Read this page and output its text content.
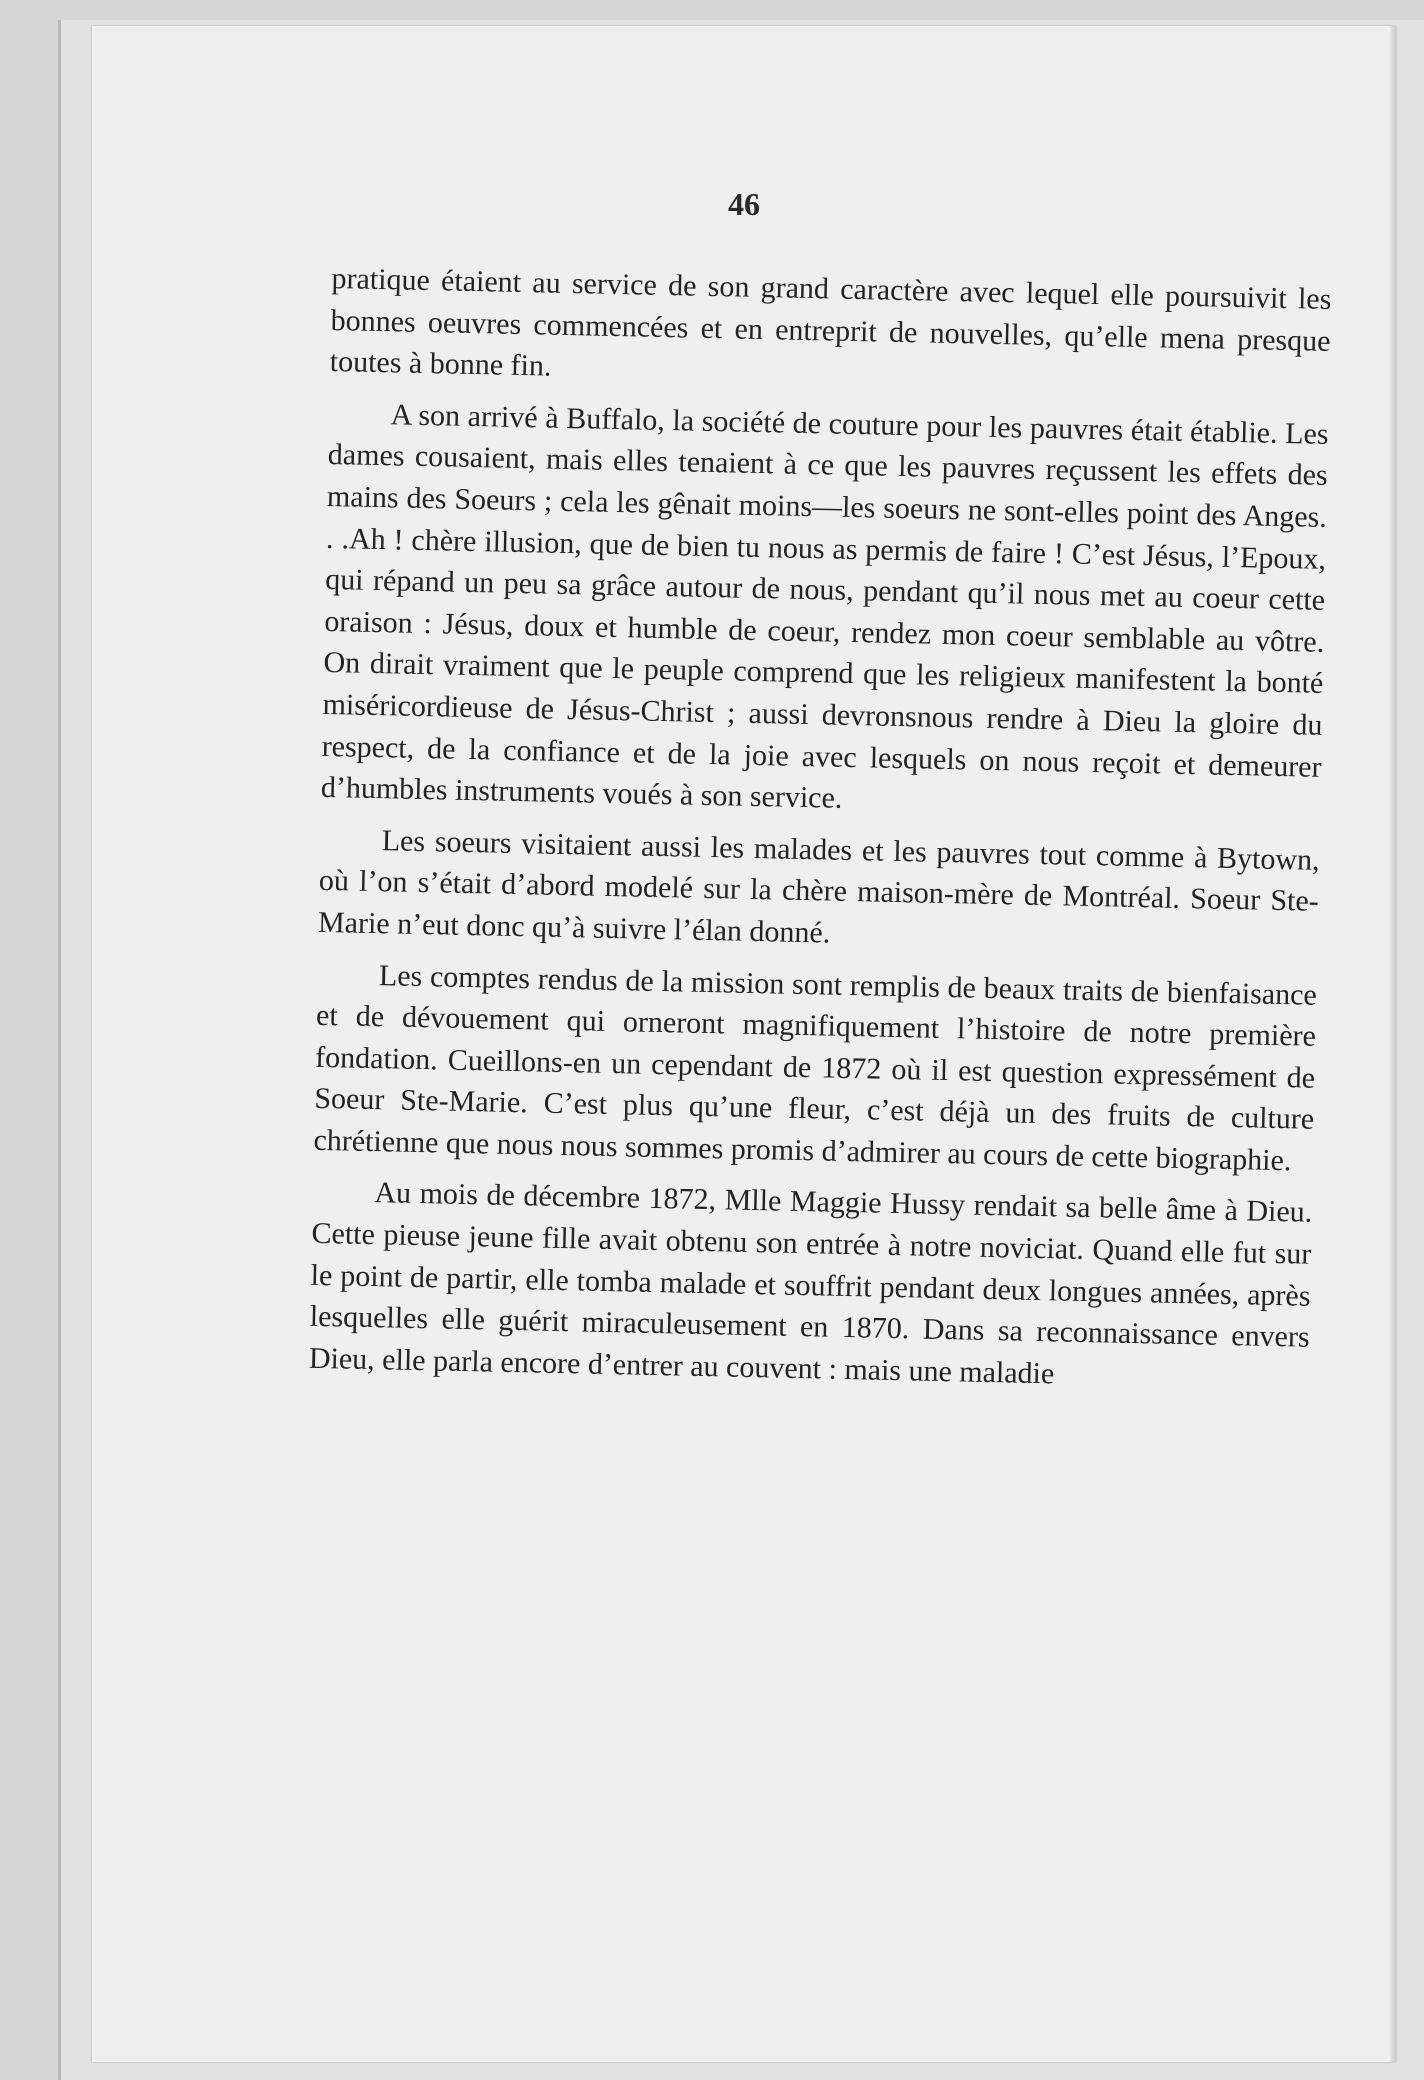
46

pratique étaient au service de son grand caractère avec lequel elle poursuivit les bonnes oeuvres commencées et en entreprit de nouvelles, qu’elle mena presque toutes à bonne fin.

A son arrivé à Buffalo, la société de couture pour les pauvres était établie. Les dames cousaient, mais elles tenaient à ce que les pauvres reçussent les effets des mains des Soeurs ; cela les gênait moins—les soeurs ne sont-elles point des Anges. . .Ah ! chère illusion, que de bien tu nous as permis de faire ! C’est Jésus, l’Epoux, qui répand un peu sa grâce autour de nous, pendant qu’il nous met au coeur cette oraison : Jésus, doux et humble de coeur, rendez mon coeur semblable au vôtre. On dirait vraiment que le peuple comprend que les religieux manifestent la bonté miséricordieuse de Jésus-Christ ; aussi devronsnous rendre à Dieu la gloire du respect, de la confiance et de la joie avec lesquels on nous reçoit et demeurer d’humbles instruments voués à son service.

Les soeurs visitaient aussi les malades et les pauvres tout comme à Bytown, où l’on s’était d’abord modelé sur la chère maison-mère de Montréal. Soeur Ste-Marie n’eut donc qu’à suivre l’élan donné.

Les comptes rendus de la mission sont remplis de beaux traits de bienfaisance et de dévouement qui orneront magnifiquement l’histoire de notre première fondation. Cueillons-en un cependant de 1872 où il est question expressément de Soeur Ste-Marie. C’est plus qu’une fleur, c’est déjà un des fruits de culture chrétienne que nous nous sommes promis d’admirer au cours de cette biographie.

Au mois de décembre 1872, Mlle Maggie Hussy rendait sa belle âme à Dieu. Cette pieuse jeune fille avait obtenu son entrée à notre noviciat. Quand elle fut sur le point de partir, elle tomba malade et souffrit pendant deux longues années, après lesquelles elle guérit miraculeusement en 1870. Dans sa reconnaissance envers Dieu, elle parla encore d’entrer au couvent : mais une maladie
